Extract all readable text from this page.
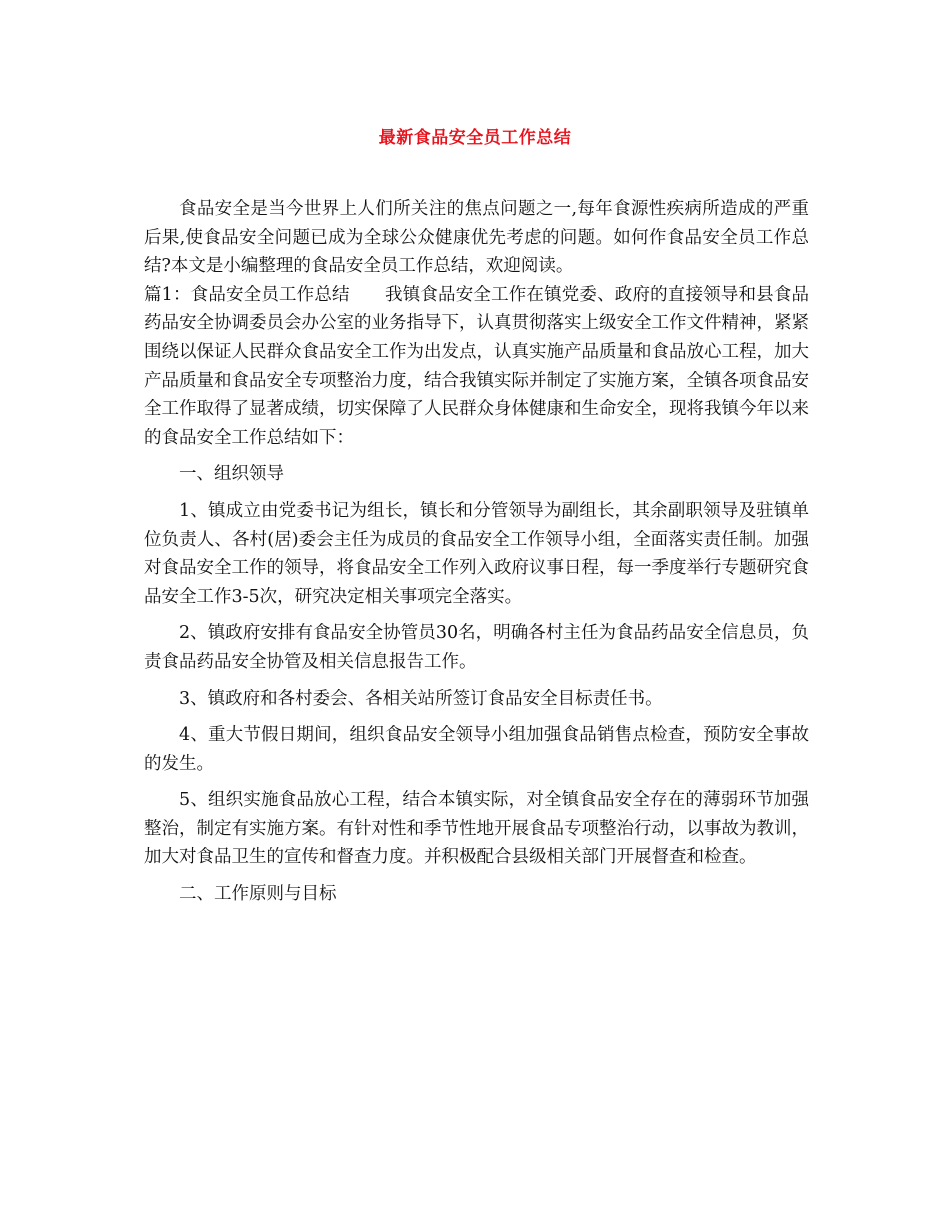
最新食品安全员工作总结

食品安全是当今世界上人们所关注的焦点问题之一,每年食源性疾病所造成的严重后果,使食品安全问题已成为全球公众健康优先考虑的问题。如何作食品安全员工作总结?本文是小编整理的食品安全员工作总结，欢迎阅读。

篇1：食品安全员工作总结　　我镇食品安全工作在镇党委、政府的直接领导和县食品药品安全协调委员会办公室的业务指导下，认真贯彻落实上级安全工作文件精神，紧紧围绕以保证人民群众食品安全工作为出发点，认真实施产品质量和食品放心工程，加大产品质量和食品安全专项整治力度，结合我镇实际并制定了实施方案，全镇各项食品安全工作取得了显著成绩，切实保障了人民群众身体健康和生命安全，现将我镇今年以来的食品安全工作总结如下：

一、组织领导

1、镇成立由党委书记为组长，镇长和分管领导为副组长，其余副职领导及驻镇单位负责人、各村(居)委会主任为成员的食品安全工作领导小组，全面落实责任制。加强对食品安全工作的领导，将食品安全工作列入政府议事日程，每一季度举行专题研究食品安全工作3-5次，研究决定相关事项完全落实。

2、镇政府安排有食品安全协管员30名，明确各村主任为食品药品安全信息员，负责食品药品安全协管及相关信息报告工作。

3、镇政府和各村委会、各相关站所签订食品安全目标责任书。

4、重大节假日期间，组织食品安全领导小组加强食品销售点检查，预防安全事故的发生。

5、组织实施食品放心工程，结合本镇实际，对全镇食品安全存在的薄弱环节加强整治，制定有实施方案。有针对性和季节性地开展食品专项整治行动，以事故为教训，加大对食品卫生的宣传和督查力度。并积极配合县级相关部门开展督查和检查。

二、工作原则与目标
